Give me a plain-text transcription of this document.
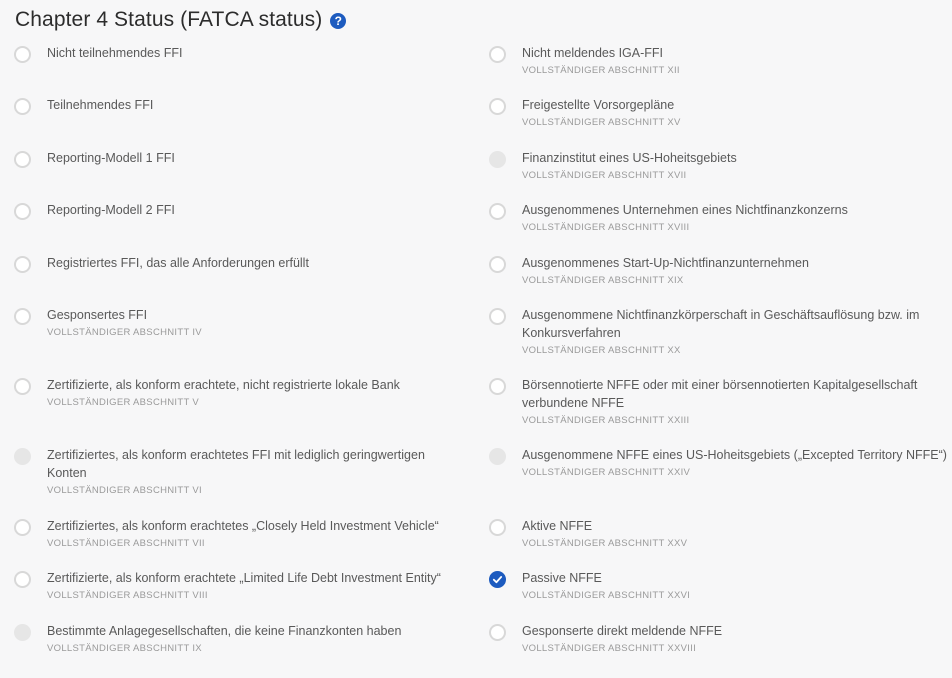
Chapter 4 Status (FATCA status)	?
Nicht teilnehmendes FFI
Teilnehmendes FFI
Reporting-Modell 1 FFI
Reporting-Modell 2 FFI
Registriertes FFI, das alle Anforderungen erfüllt
Gesponsertes FFI
VOLLSTÄNDIGER ABSCHNITT IV
Zertifizierte, als konform erachtete, nicht registrierte lokale Bank
VOLLSTÄNDIGER ABSCHNITT V
Zertifiziertes, als konform erachtetes FFI mit lediglich geringwertigen Konten
VOLLSTÄNDIGER ABSCHNITT VI
Zertifiziertes, als konform erachtetes „Closely Held Investment Vehicle“
VOLLSTÄNDIGER ABSCHNITT VII
Zertifizierte, als konform erachtete „Limited Life Debt Investment Entity“
VOLLSTÄNDIGER ABSCHNITT VIII
Bestimmte Anlagegesellschaften, die keine Finanzkonten haben
VOLLSTÄNDIGER ABSCHNITT IX
Nicht meldendes IGA-FFI
VOLLSTÄNDIGER ABSCHNITT XII
Freigestellte Vorsorgepläne
VOLLSTÄNDIGER ABSCHNITT XV
Finanzinstitut eines US-Hoheitsgebiets
VOLLSTÄNDIGER ABSCHNITT XVII
Ausgenommenes Unternehmen eines Nichtfinanzkonzerns
VOLLSTÄNDIGER ABSCHNITT XVIII
Ausgenommenes Start-Up-Nichtfinanzunternehmen
VOLLSTÄNDIGER ABSCHNITT XIX
Ausgenommene Nichtfinanzkörperschaft in Geschäftsauflösung bzw. im Konkursverfahren
VOLLSTÄNDIGER ABSCHNITT XX
Börsennotierte NFFE oder mit einer börsennotierten Kapitalgesellschaft verbundene NFFE
VOLLSTÄNDIGER ABSCHNITT XXIII
Ausgenommene NFFE eines US-Hoheitsgebiets („Excepted Territory NFFE“)
VOLLSTÄNDIGER ABSCHNITT XXIV
Aktive NFFE
VOLLSTÄNDIGER ABSCHNITT XXV
Passive NFFE
VOLLSTÄNDIGER ABSCHNITT XXVI
Gesponserte direkt meldende NFFE
VOLLSTÄNDIGER ABSCHNITT XXVIII
